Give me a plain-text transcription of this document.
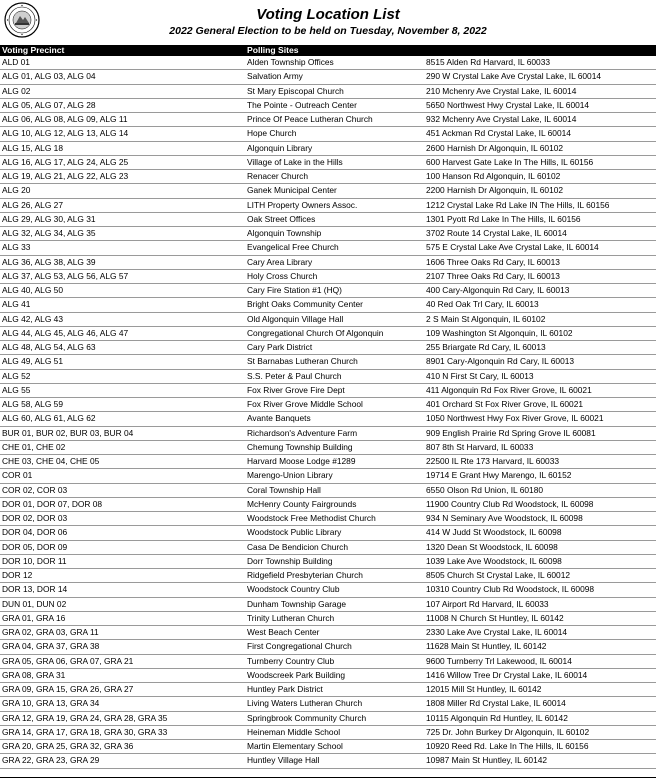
Voting Location List
2022 General Election to be held on Tuesday, November 8, 2022
Voting Precinct	Polling Sites
ALD 01	Alden Township Offices	8515 Alden Rd Harvard, IL 60033
ALG 01, ALG 03, ALG 04	Salvation Army	290 W Crystal Lake Ave Crystal Lake, IL 60014
ALG 02	St Mary Episcopal Church	210 Mchenry Ave Crystal Lake, IL 60014
ALG 05, ALG 07, ALG 28	The Pointe - Outreach Center	5650 Northwest Hwy Crystal Lake, IL 60014
ALG 06, ALG 08, ALG 09, ALG 11	Prince Of Peace Lutheran Church	932 Mchenry Ave Crystal Lake, IL 60014
ALG 10, ALG 12, ALG 13, ALG 14	Hope Church	451 Ackman Rd Crystal Lake, IL 60014
ALG 15, ALG 18	Algonquin Library	2600 Harnish Dr Algonquin, IL 60102
ALG 16, ALG 17, ALG 24, ALG 25	Village of Lake in the Hills	600 Harvest Gate Lake In The Hills, IL 60156
ALG 19, ALG 21, ALG 22, ALG 23	Renacer Church	100 Hanson Rd Algonquin, IL 60102
ALG 20	Ganek Municipal Center	2200 Harnish Dr Algonquin, IL 60102
ALG 26, ALG 27	LITH Property Owners Assoc.	1212 Crystal Lake Rd Lake IN The Hills, IL 60156
ALG 29, ALG 30, ALG 31	Oak Street Offices	1301 Pyott Rd Lake In The Hills, IL 60156
ALG 32, ALG 34, ALG 35	Algonquin Township	3702 Route 14 Crystal Lake, IL 60014
ALG 33	Evangelical Free Church	575 E Crystal Lake Ave Crystal Lake, IL 60014
ALG 36, ALG 38, ALG 39	Cary Area Library	1606 Three Oaks Rd Cary, IL 60013
ALG 37, ALG 53, ALG 56, ALG 57	Holy Cross Church	2107 Three Oaks Rd Cary, IL 60013
ALG 40, ALG 50	Cary Fire Station #1 (HQ)	400 Cary-Algonquin Rd Cary, IL 60013
ALG 41	Bright Oaks Community Center	40 Red Oak Trl Cary, IL 60013
ALG 42, ALG 43	Old Algonquin Village Hall	2 S Main St Algonquin, IL 60102
ALG 44, ALG 45, ALG 46, ALG 47	Congregational Church Of Algonquin	109 Washington St Algonquin, IL 60102
ALG 48, ALG 54, ALG 63	Cary Park District	255 Briargate Rd Cary, IL 60013
ALG 49, ALG 51	St Barnabas Lutheran Church	8901 Cary-Algonquin Rd Cary, IL 60013
ALG 52	S.S. Peter & Paul Church	410 N First St Cary, IL 60013
ALG 55	Fox River Grove Fire Dept	411 Algonquin Rd Fox River Grove, IL 60021
ALG 58, ALG 59	Fox River Grove Middle School	401 Orchard St Fox River Grove, IL 60021
ALG 60, ALG 61, ALG 62	Avante Banquets	1050 Northwest Hwy Fox River Grove, IL 60021
BUR 01, BUR 02, BUR 03, BUR 04	Richardson's Adventure Farm	909 English Prairie Rd Spring Grove IL 60081
CHE 01, CHE 02	Chemung Township Building	807 8th St Harvard, IL 60033
CHE 03, CHE 04, CHE 05	Harvard Moose Lodge #1289	22500 IL Rte 173 Harvard, IL 60033
COR 01	Marengo-Union Library	19714 E Grant Hwy Marengo, IL 60152
COR 02, COR 03	Coral Township Hall	6550 Olson Rd Union, IL 60180
DOR 01, DOR 07, DOR 08	McHenry County Fairgrounds	11900 Country Club Rd Woodstock, IL 60098
DOR 02, DOR 03	Woodstock Free Methodist Church	934 N Seminary Ave Woodstock, IL 60098
DOR 04, DOR 06	Woodstock Public Library	414 W Judd St Woodstock, IL 60098
DOR 05, DOR 09	Casa De Bendicion Church	1320 Dean St Woodstock, IL 60098
DOR 10, DOR 11	Dorr Township Building	1039 Lake Ave Woodstock, IL 60098
DOR 12	Ridgefield Presbyterian Church	8505 Church St Crystal Lake, IL 60012
DOR 13, DOR 14	Woodstock Country Club	10310 Country Club Rd Woodstock, IL 60098
DUN 01, DUN 02	Dunham Township Garage	107 Airport Rd Harvard, IL 60033
GRA 01, GRA 16	Trinity Lutheran Church	11008 N Church St Huntley, IL 60142
GRA 02, GRA 03, GRA 11	West Beach Center	2330 Lake Ave Crystal Lake, IL 60014
GRA 04, GRA 37, GRA 38	First Congregational Church	11628 Main St Huntley, IL 60142
GRA 05, GRA 06, GRA 07, GRA 21	Turnberry Country Club	9600 Turnberry Trl Lakewood, IL 60014
GRA 08, GRA 31	Woodscreek Park Building	1416 Willow Tree Dr Crystal Lake, IL 60014
GRA 09, GRA 15, GRA 26, GRA 27	Huntley Park District	12015 Mill St Huntley, IL 60142
GRA 10, GRA 13, GRA 34	Living Waters Lutheran Church	1808 Miller Rd Crystal Lake, IL 60014
GRA 12, GRA 19, GRA 24, GRA 28, GRA 35	Springbrook Community Church	10115 Algonquin Rd Huntley, IL 60142
GRA 14, GRA 17, GRA 18, GRA 30, GRA 33	Heineman Middle School	725 Dr. John Burkey Dr Algonquin, IL 60102
GRA 20, GRA 25, GRA 32, GRA 36	Martin Elementary School	10920 Reed Rd. Lake In The Hills, IL 60156
GRA 22, GRA 23, GRA 29	Huntley Village Hall	10987 Main St Huntley, IL 60142
